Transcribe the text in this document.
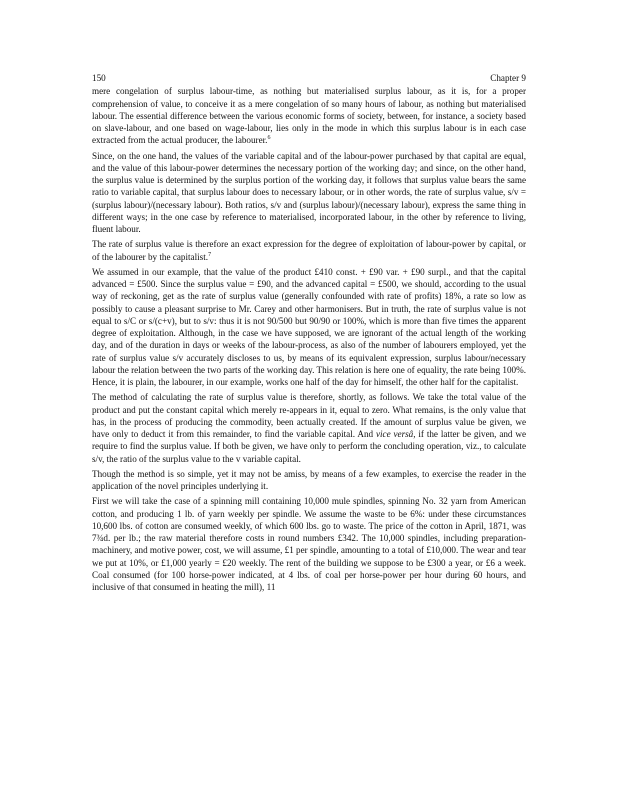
150	Chapter 9

mere congelation of surplus labour-time, as nothing but materialised surplus labour, as it is, for a proper comprehension of value, to conceive it as a mere congelation of so many hours of labour, as nothing but materialised labour. The essential difference between the various economic forms of society, between, for instance, a society based on slave-labour, and one based on wage-labour, lies only in the mode in which this surplus labour is in each case extracted from the actual producer, the labourer.$^6$

Since, on the one hand, the values of the variable capital and of the labour-power purchased by that capital are equal, and the value of this labour-power determines the necessary portion of the working day; and since, on the other hand, the surplus value is determined by the surplus portion of the working day, it follows that surplus value bears the same ratio to variable capital, that surplus labour does to necessary labour, or in other words, the rate of surplus value, s/v = (surplus labour)/(necessary labour). Both ratios, s/v and (surplus labour)/(necessary labour), express the same thing in different ways; in the one case by reference to materialised, incorporated labour, in the other by reference to living, fluent labour.

The rate of surplus value is therefore an exact expression for the degree of exploitation of labour-power by capital, or of the labourer by the capitalist.$^7$

We assumed in our example, that the value of the product £410 const. + £90 var. + £90 surpl., and that the capital advanced = £500. Since the surplus value = £90, and the advanced capital = £500, we should, according to the usual way of reckoning, get as the rate of surplus value (generally confounded with rate of profits) 18%, a rate so low as possibly to cause a pleasant surprise to Mr. Carey and other harmonisers. But in truth, the rate of surplus value is not equal to s/C or s/(c+v), but to s/v: thus it is not 90/500 but 90/90 or 100%, which is more than five times the apparent degree of exploitation. Although, in the case we have supposed, we are ignorant of the actual length of the working day, and of the duration in days or weeks of the labour-process, as also of the number of labourers employed, yet the rate of surplus value s/v accurately discloses to us, by means of its equivalent expression, surplus labour/necessary labour the relation between the two parts of the working day. This relation is here one of equality, the rate being 100%. Hence, it is plain, the labourer, in our example, works one half of the day for himself, the other half for the capitalist.

The method of calculating the rate of surplus value is therefore, shortly, as follows. We take the total value of the product and put the constant capital which merely re-appears in it, equal to zero. What remains, is the only value that has, in the process of producing the commodity, been actually created. If the amount of surplus value be given, we have only to deduct it from this remainder, to find the variable capital. And vice versâ, if the latter be given, and we require to find the surplus value. If both be given, we have only to perform the concluding operation, viz., to calculate s/v, the ratio of the surplus value to the v variable capital.

Though the method is so simple, yet it may not be amiss, by means of a few examples, to exercise the reader in the application of the novel principles underlying it.

First we will take the case of a spinning mill containing 10,000 mule spindles, spinning No. 32 yarn from American cotton, and producing 1 lb. of yarn weekly per spindle. We assume the waste to be 6%: under these circumstances 10,600 lbs. of cotton are consumed weekly, of which 600 lbs. go to waste. The price of the cotton in April, 1871, was 7¾d. per lb.; the raw material therefore costs in round numbers £342. The 10,000 spindles, including preparation-machinery, and motive power, cost, we will assume, £1 per spindle, amounting to a total of £10,000. The wear and tear we put at 10%, or £1,000 yearly = £20 weekly. The rent of the building we suppose to be £300 a year, or £6 a week. Coal consumed (for 100 horse-power indicated, at 4 lbs. of coal per horse-power per hour during 60 hours, and inclusive of that consumed in heating the mill), 11
